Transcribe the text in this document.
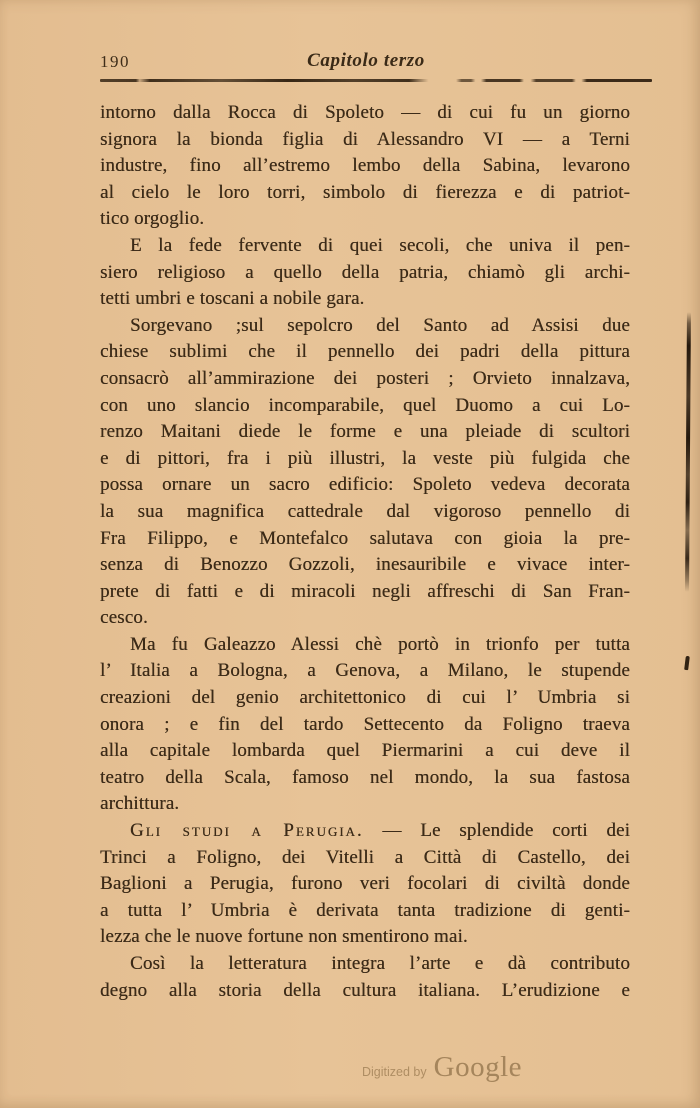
190	Capitolo terzo
intorno dalla Rocca di Spoleto — di cui fu un giorno
signora la bionda figlia di Alessandro VI — a Terni
industre, fino all’estremo lembo della Sabina, levarono
al cielo le loro torri, simbolo di fierezza e di patriot-
tico orgoglio.
E la fede fervente di quei secoli, che univa il pen-
siero religioso a quello della patria, chiamò gli archi-
tetti umbri e toscani a nobile gara.
Sorgevano ;sul sepolcro del Santo ad Assisi due
chiese sublimi che il pennello dei padri della pittura
consacrò all’ammirazione dei posteri ; Orvieto innalzava,
con uno slancio incomparabile, quel Duomo a cui Lo-
renzo Maitani diede le forme e una pleiade di scultori
e di pittori, fra i più illustri, la veste più fulgida che
possa ornare un sacro edificio: Spoleto vedeva decorata
la sua magnifica cattedrale dal vigoroso pennello di
Fra Filippo, e Montefalco salutava con gioia la pre-
senza di Benozzo Gozzoli, inesauribile e vivace inter-
prete di fatti e di miracoli negli affreschi di San Fran-
cesco.
Ma fu Galeazzo Alessi chè portò in trionfo per tutta
l’ Italia a Bologna, a Genova, a Milano, le stupende
creazioni del genio architettonico di cui l’ Umbria si
onora ; e fin del tardo Settecento da Foligno traeva
alla capitale lombarda quel Piermarini a cui deve il
teatro della Scala, famoso nel mondo, la sua fastosa
archittura.
Gli studi a Perugia. — Le splendide corti dei
Trinci a Foligno, dei Vitelli a Città di Castello, dei
Baglioni a Perugia, furono veri focolari di civiltà donde
a tutta l’ Umbria è derivata tanta tradizione di genti-
lezza che le nuove fortune non smentirono mai.
Così la letteratura integra l’arte e dà contributo
degno alla storia della cultura italiana. L’erudizione e
Digitized by Google
